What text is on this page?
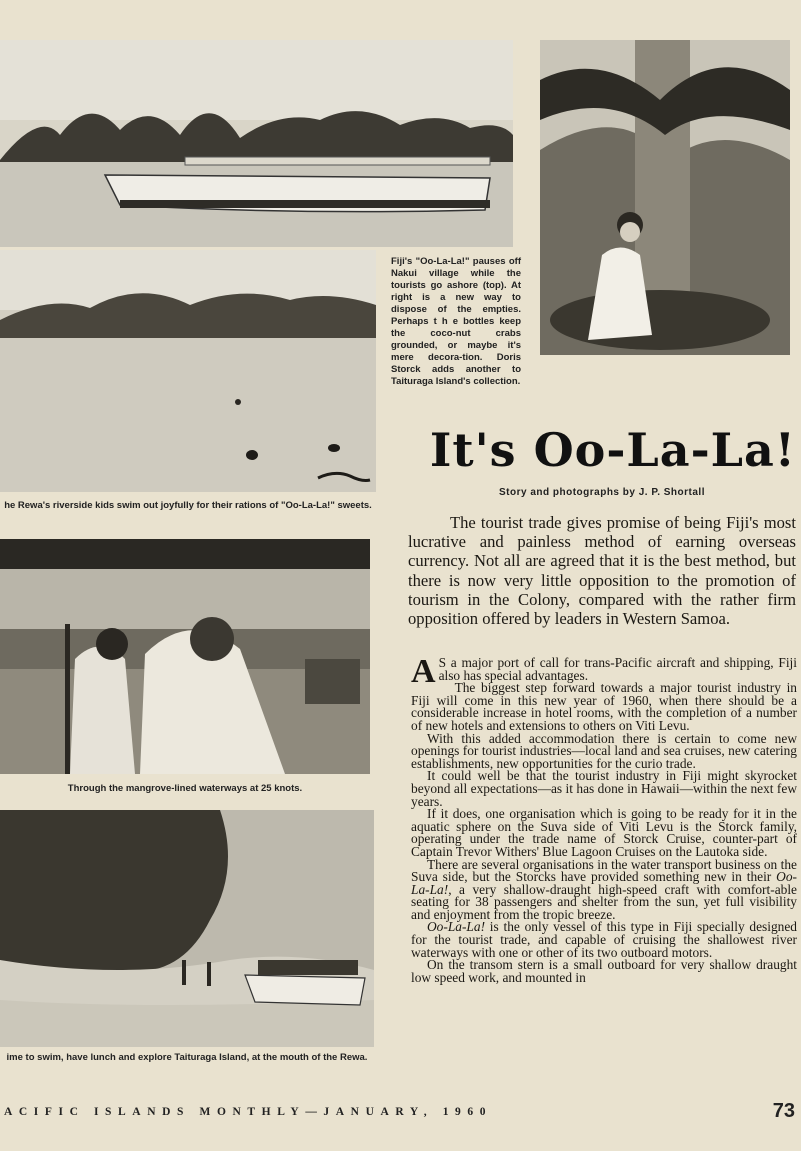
Fiji's "Oo-La-La!" pauses off Nakui village while the tourists go ashore (top). At right is a new way to dispose of the empties. Perhaps t h e bottles keep the coco-nut crabs grounded, or maybe it's mere decora-tion. Doris Storck adds another to Taituraga Island's collection.
he Rewa's riverside kids swim out joyfully for their rations of "Oo-La-La!" sweets.
Through the mangrove-lined waterways at 25 knots.
ime to swim, have lunch and explore Taituraga Island, at the mouth of the Rewa.
It's Oo-La-La!
Story and photographs by J. P. Shortall
The tourist trade gives promise of being Fiji's most lucrative and painless method of earning overseas currency. Not all are agreed that it is the best method, but there is now very little opposition to the promotion of tourism in the Colony, compared with the rather firm opposition offered by leaders in Western Samoa.

A S a major port of call for trans-Pacific aircraft and shipping, Fiji also has special advantages.

The biggest step forward towards a major tourist industry in Fiji will come in this new year of 1960, when there should be a considerable increase in hotel rooms, with the completion of a number of new hotels and extensions to others on Viti Levu.

With this added accommodation there is certain to come new openings for tourist industries—local land and sea cruises, new catering establishments, new opportunities for the curio trade.

It could well be that the tourist industry in Fiji might skyrocket beyond all expectations—as it has done in Hawaii—within the next few years.

If it does, one organisation which is going to be ready for it in the aquatic sphere on the Suva side of Viti Levu is the Storck family, operating under the trade name of Storck Cruise, counter-part of Captain Trevor Withers' Blue Lagoon Cruises on the Lautoka side.

There are several organisations in the water transport business on the Suva side, but the Storcks have provided something new in their Oo-La-La!, a very shallow-draught high-speed craft with comfort-able seating for 38 passengers and shelter from the sun, yet full visibility and enjoyment from the tropic breeze.

Oo-La-La! is the only vessel of this type in Fiji specially designed for the tourist trade, and capable of cruising the shallowest river waterways with one or other of its two outboard motors.

On the transom stern is a small outboard for very shallow draught low speed work, and mounted in

ACIFIC ISLANDS MONTHLY—JANUARY, 1960	73
